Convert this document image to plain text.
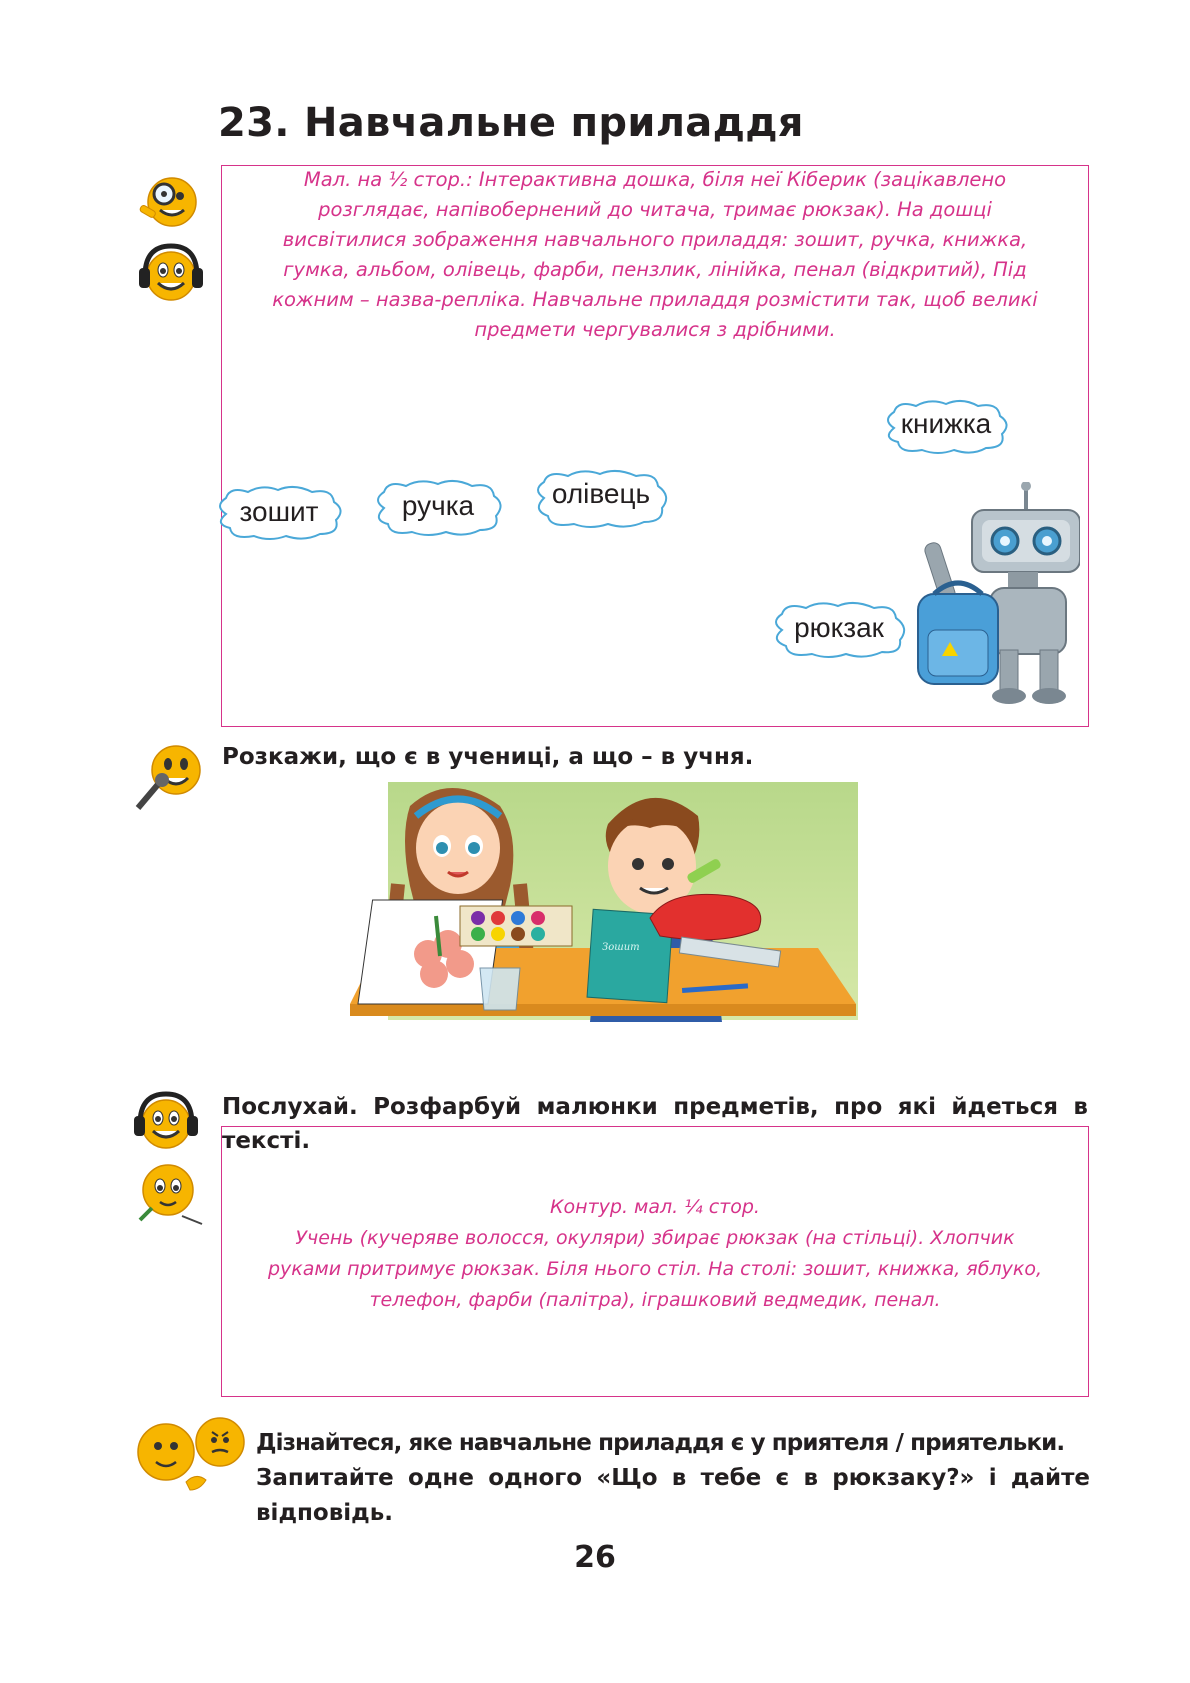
23. Навчальне приладдя
Мал. на ½ стор.: Інтерактивна дошка, біля неї Кіберик (зацікавлено
розглядає, напівобернений до читача, тримає рюкзак). На дошці
висвітилися зображення навчального приладдя: зошит, ручка, книжка,
гумка, альбом, олівець, фарби, пензлик, лінійка, пенал (відкритий), Під
кожним – назва-репліка. Навчальне приладдя розмістити так, щоб великі
предмети чергувалися з дрібними.
книжка
зошит	ручка	олівець
рюкзак
Розкажи, що є в учениці, а що – в учня.
Зошит
Послухай. Розфарбуй малюнки предметів, про які йдеться в
тексті.
Контур. мал. ¼ стор.
Учень (кучеряве волосся, окуляри) збирає рюкзак (на стільці). Хлопчик
руками притримує рюкзак. Біля нього стіл. На столі: зошит, книжка, яблуко,
телефон, фарби (палітра), іграшковий ведмедик, пенал.
Дізнайтеся, яке навчальне приладдя є у приятеля / приятельки.
Запитайте одне одного «Що в тебе є в рюкзаку?» і дайте
відповідь.
26
